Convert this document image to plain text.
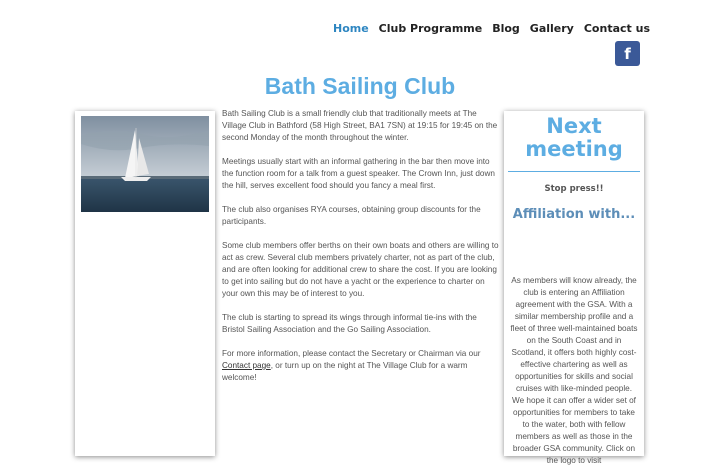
Home Club Programme Blog Gallery Contact us
f
Bath Sailing Club

Bath Sailing Club is a small friendly club that traditionally meets at The Village Club in Bathford (58 High Street, BA1 7SN) at 19:15 for 19:45 on the second Monday of the month throughout the winter.

Meetings usually start with an informal gathering in the bar then move into the function room for a talk from a guest speaker. The Crown Inn, just down the hill, serves excellent food should you fancy a meal first.

The club also organises RYA courses, obtaining group discounts for the participants.

Some club members offer berths on their own boats and others are willing to act as crew. Several club members privately charter, not as part of the club, and are often looking for additional crew to share the cost. If you are looking to get into sailing but do not have a yacht or the experience to charter on your own this may be of interest to you.

The club is starting to spread its wings through informal tie-ins with the Bristol Sailing Association and the Go Sailing Association.

For more information, please contact the Secretary or Chairman via our Contact page, or turn up on the night at The Village Club for a warm welcome!

Next meeting
Stop press!!
Affiliation with...
As members will know already, the club is entering an Affiliation agreement with the GSA. With a similar membership profile and a fleet of three well-maintained boats on the South Coast and in Scotland, it offers both highly cost-effective chartering as well as opportunities for skills and social cruises with like-minded people. We hope it can offer a wider set of opportunities for members to take to the water, both with fellow members as well as those in the broader GSA community. Click on the logo to visit
